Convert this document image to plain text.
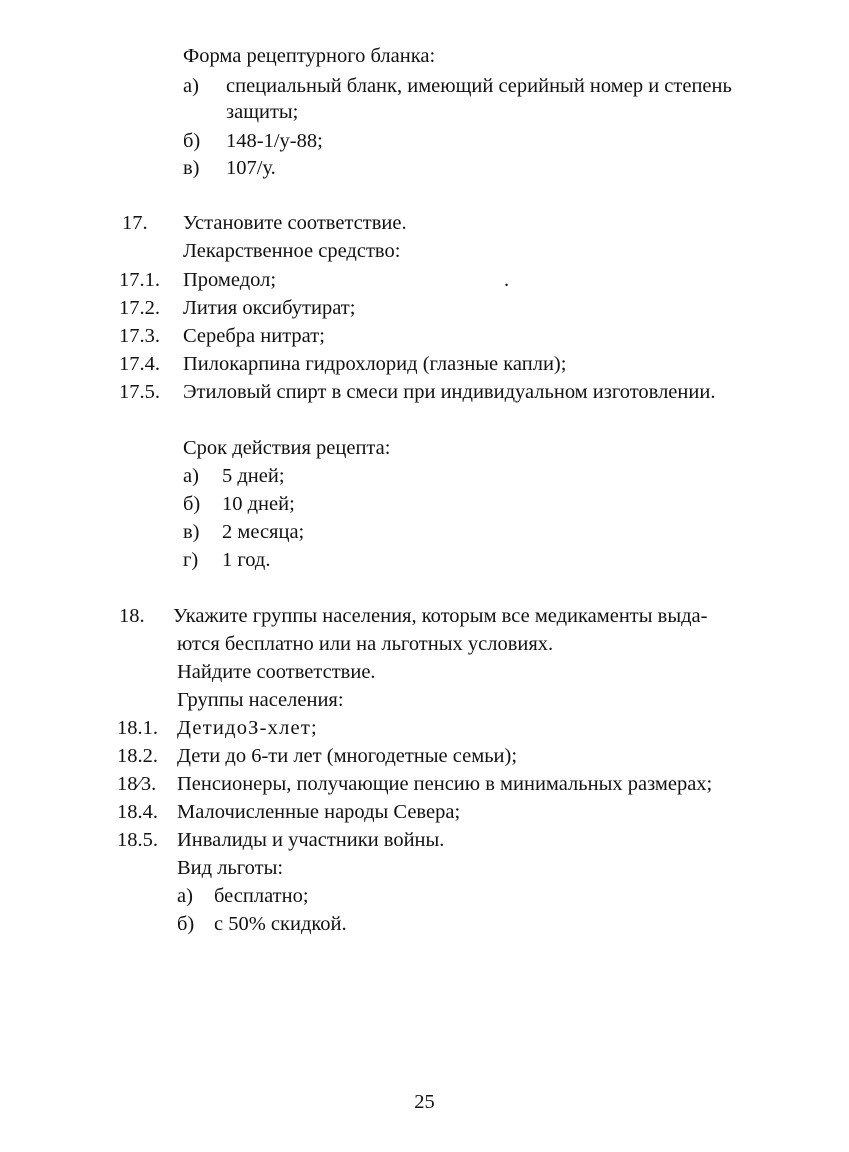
Форма рецептурного бланка:
а) специальный бланк, имеющий серийный номер и степень
защиты;
б) 148-1/у-88;
в) 107/у.
17. Установите соответствие.
Лекарственное средство:
17.1. Промедол;	.
17.2. Лития оксибутират;
17.3. Серебра нитрат;
17.4. Пилокарпина гидрохлорид (глазные капли);
17.5. Этиловый спирт в смеси при индивидуальном изготовлении.
Срок действия рецепта:
а) 5 дней;
б) 10 дней;
в) 2 месяца;
г) 1 год.
18. Укажите группы населения, которым все медикаменты выда-
ются бесплатно или на льготных условиях.
Найдите соответствие.
Группы населения:
18.1. ДетидоЗ-хлет;
18.2. Дети до 6-ти лет (многодетные семьи);
18⁄3. Пенсионеры, получающие пенсию в минимальных размерах;
18.4. Малочисленные народы Севера;
18.5. Инвалиды и участники войны.
Вид льготы:
а) бесплатно;
б) с 50% скидкой.
25
